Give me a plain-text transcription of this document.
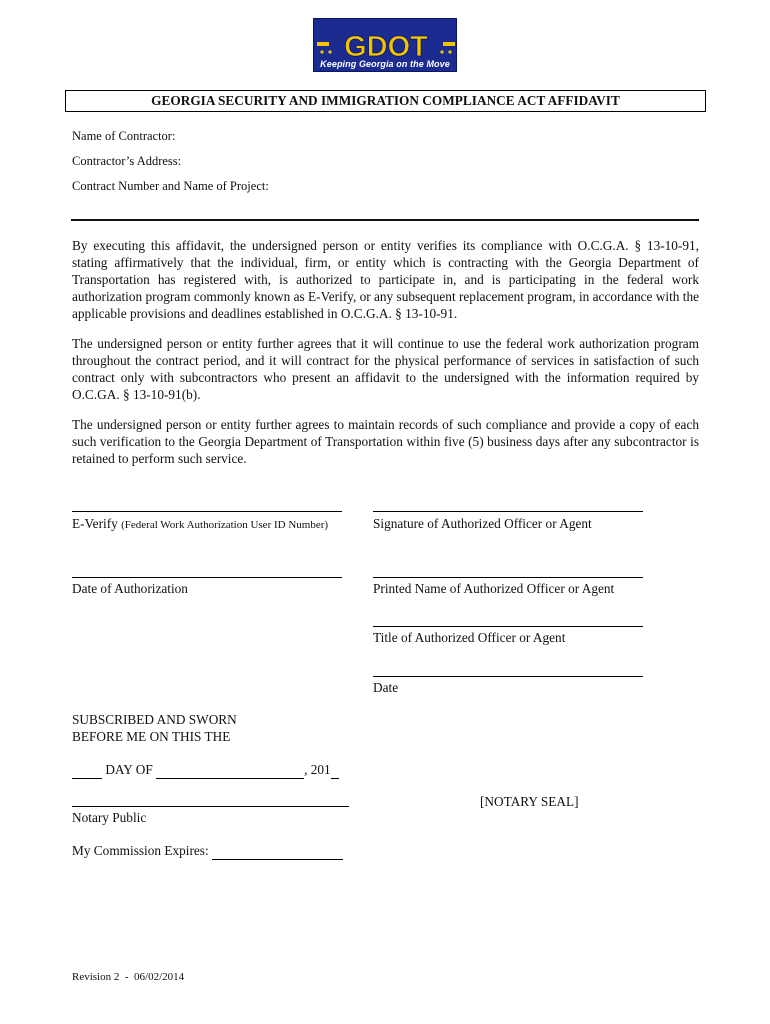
GDOT
Keeping Georgia on the Move
GEORGIA SECURITY AND IMMIGRATION COMPLIANCE ACT AFFIDAVIT
Name of Contractor:
Contractor’s Address:
Contract Number and Name of Project:
By executing this affidavit, the undersigned person or entity verifies its compliance with O.C.G.A. § 13-10-91, stating affirmatively that the individual, firm, or entity which is contracting with the Georgia Department of Transportation has registered with, is authorized to participate in, and is participating in the federal work authorization program commonly known as E-Verify, or any subsequent replacement program, in accordance with the applicable provisions and deadlines established in O.C.G.A. § 13-10-91.
The undersigned person or entity further agrees that it will continue to use the federal work authorization program throughout the contract period, and it will contract for the physical performance of services in satisfaction of such contract only with subcontractors who present an affidavit to the undersigned with the information required by O.C.GA. § 13-10-91(b).
The undersigned person or entity further agrees to maintain records of such compliance and provide a copy of each such verification to the Georgia Department of Transportation within five (5) business days after any subcontractor is retained to perform such service.
E-Verify (Federal Work Authorization User ID Number)
Date of Authorization
Signature of Authorized Officer or Agent
Printed Name of Authorized Officer or Agent
Title of Authorized Officer or Agent
Date
SUBSCRIBED AND SWORN
BEFORE ME ON THIS THE
DAY OF	, 201
[NOTARY SEAL]
Notary Public
My Commission Expires:
Revision 2  -  06/02/2014
